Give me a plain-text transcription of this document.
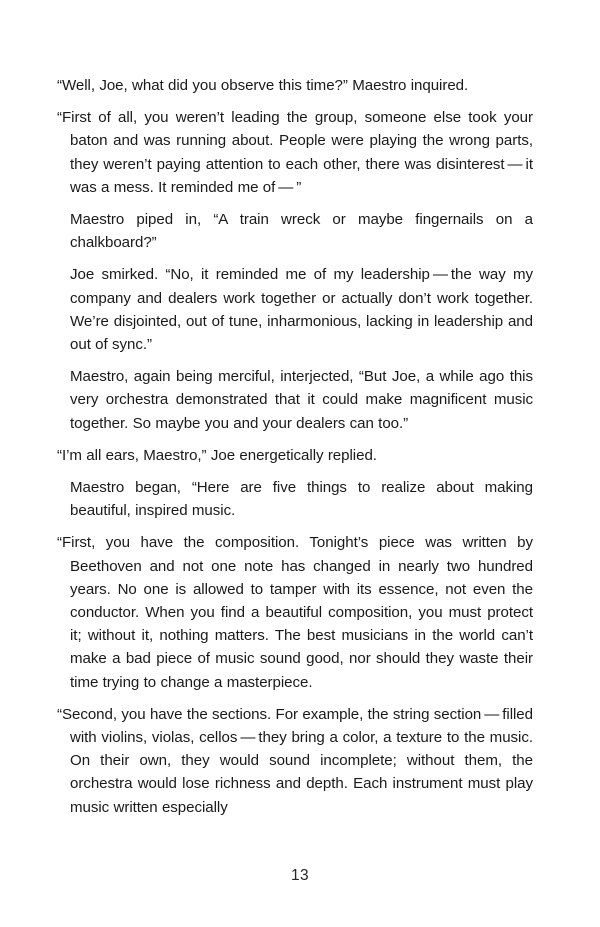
“Well, Joe, what did you observe this time?” Maestro inquired.

“First of all, you weren’t leading the group, someone else took your baton and was running about. People were playing the wrong parts, they weren’t paying attention to each other, there was disinterest — it was a mess. It reminded me of — ”

Maestro piped in, “A train wreck or maybe fingernails on a chalkboard?”

Joe smirked. “No, it reminded me of my leadership — the way my company and dealers work together or actually don’t work together. We’re disjointed, out of tune, inharmonious, lacking in leadership and out of sync.”

Maestro, again being merciful, interjected, “But Joe, a while ago this very orchestra demonstrated that it could make magnificent music together. So maybe you and your dealers can too.”

“I’m all ears, Maestro,” Joe energetically replied.

Maestro began, “Here are five things to realize about making beautiful, inspired music.

“First, you have the composition. Tonight’s piece was written by Beethoven and not one note has changed in nearly two hundred years. No one is allowed to tamper with its essence, not even the conductor. When you find a beautiful composition, you must protect it; without it, nothing matters. The best musicians in the world can’t make a bad piece of music sound good, nor should they waste their time trying to change a masterpiece.

“Second, you have the sections. For example, the string section — filled with violins, violas, cellos — they bring a color, a texture to the music. On their own, they would sound incomplete; without them, the orchestra would lose richness and depth. Each instrument must play music written especially

13
